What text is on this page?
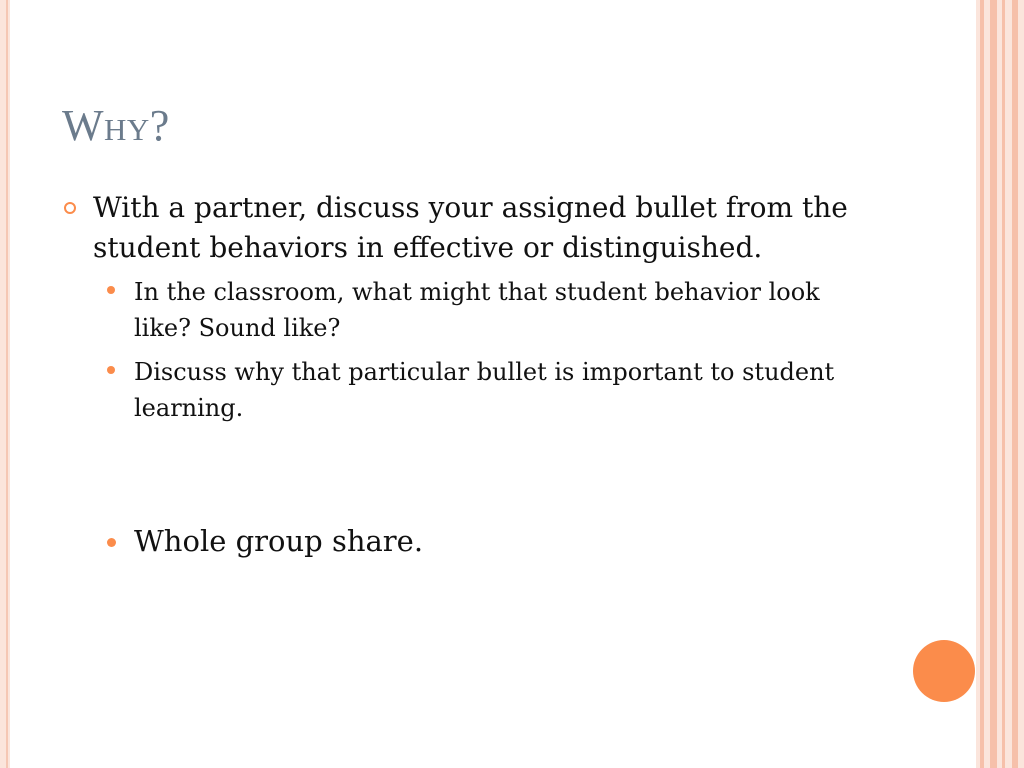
Why?
With a partner, discuss your assigned bullet from the student behaviors in effective or distinguished.
In the classroom, what might that student behavior look like? Sound like?
Discuss why that particular bullet is important to student learning.
Whole group share.
